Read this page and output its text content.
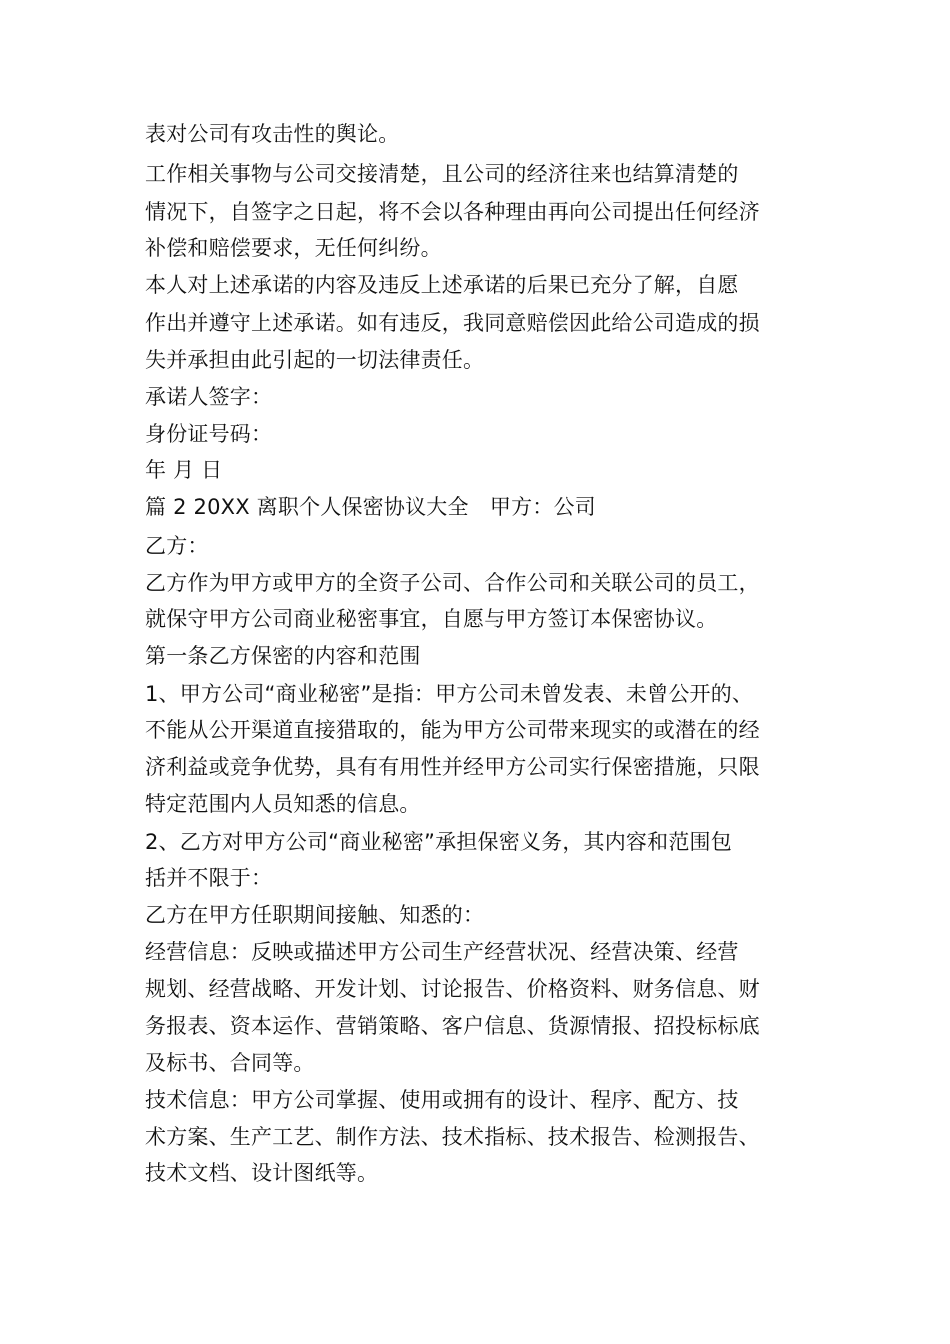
表对公司有攻击性的舆论。
工作相关事物与公司交接清楚，且公司的经济往来也结算清楚的
情况下，自签字之日起，将不会以各种理由再向公司提出任何经济
补偿和赔偿要求，无任何纠纷。
本人对上述承诺的内容及违反上述承诺的后果已充分了解，自愿
作出并遵守上述承诺。如有违反，我同意赔偿因此给公司造成的损
失并承担由此引起的一切法律责任。
承诺人签字：
身份证号码：
年 月 日
篇 2 20XX 离职个人保密协议大全　甲方：公司
乙方：
乙方作为甲方或甲方的全资子公司、合作公司和关联公司的员工，
就保守甲方公司商业秘密事宜，自愿与甲方签订本保密协议。
第一条乙方保密的内容和范围
1、甲方公司“商业秘密”是指：甲方公司未曾发表、未曾公开的、
不能从公开渠道直接猎取的，能为甲方公司带来现实的或潜在的经
济利益或竞争优势，具有有用性并经甲方公司实行保密措施，只限
特定范围内人员知悉的信息。
2、乙方对甲方公司“商业秘密”承担保密义务，其内容和范围包
括并不限于：
乙方在甲方任职期间接触、知悉的：
经营信息：反映或描述甲方公司生产经营状况、经营决策、经营
规划、经营战略、开发计划、讨论报告、价格资料、财务信息、财
务报表、资本运作、营销策略、客户信息、货源情报、招投标标底
及标书、合同等。
技术信息：甲方公司掌握、使用或拥有的设计、程序、配方、技
术方案、生产工艺、制作方法、技术指标、技术报告、检测报告、
技术文档、设计图纸等。
